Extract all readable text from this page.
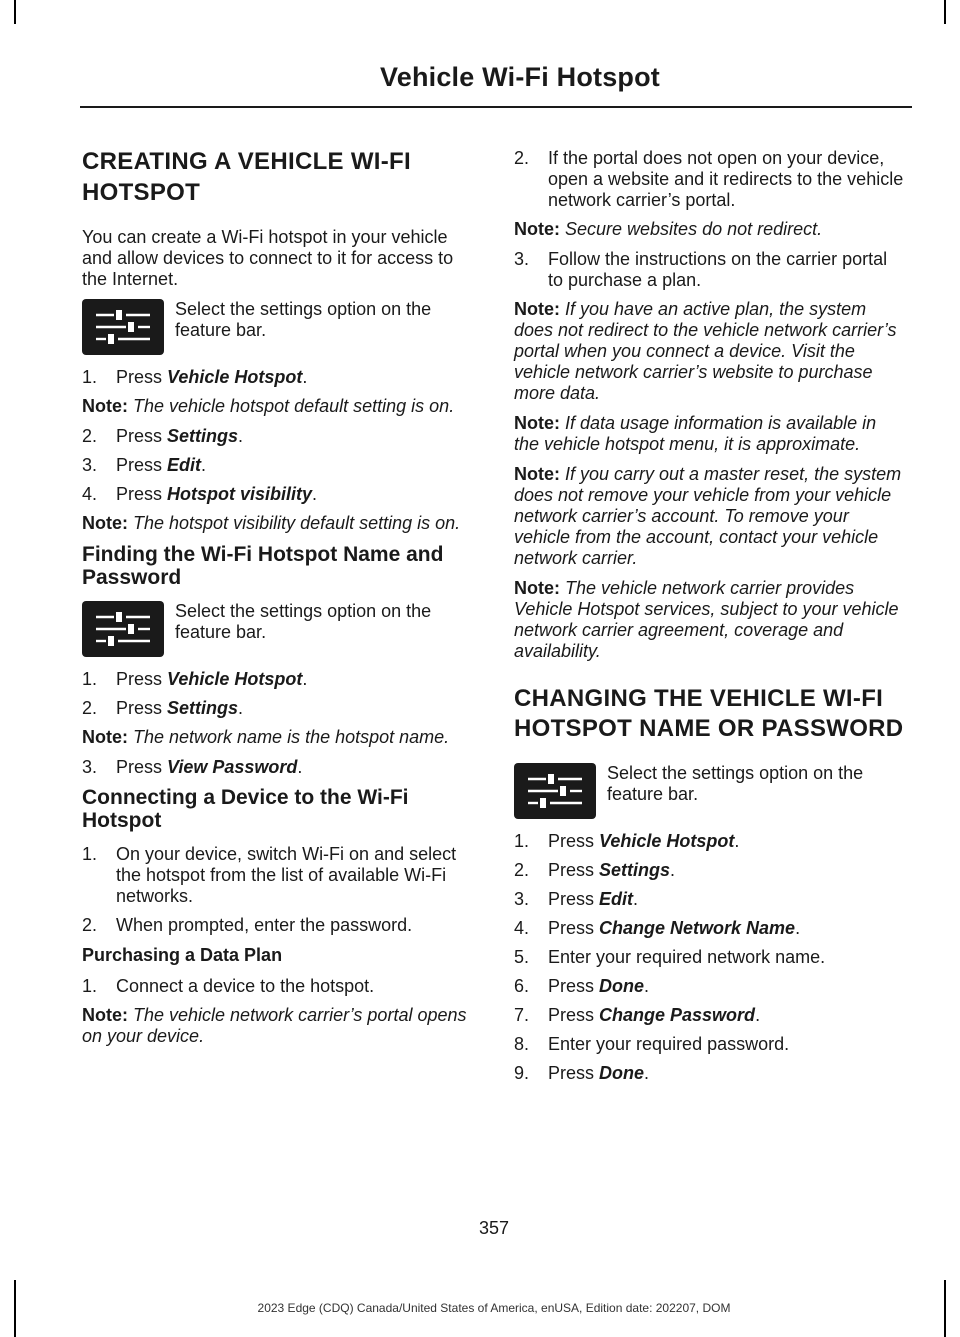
Vehicle Wi-Fi Hotspot
CREATING A VEHICLE WI-FI HOTSPOT

You can create a Wi-Fi hotspot in your vehicle and allow devices to connect to it for access to the Internet.

Select the settings option on the feature bar.

1.	Press Vehicle Hotspot.

Note: The vehicle hotspot default setting is on.

2.	Press Settings.
3.	Press Edit.
4.	Press Hotspot visibility.

Note: The hotspot visibility default setting is on.

Finding the Wi-Fi Hotspot Name and Password

Select the settings option on the feature bar.

1.	Press Vehicle Hotspot.
2.	Press Settings.

Note: The network name is the hotspot name.

3.	Press View Password.
Connecting a Device to the Wi-Fi Hotspot
1.	On your device, switch Wi-Fi on and select the hotspot from the list of available Wi-Fi networks.
2.	When prompted, enter the password.
Purchasing a Data Plan
1.	Connect a device to the hotspot.

Note: The vehicle network carrier’s portal opens on your device.

2.	If the portal does not open on your device, open a website and it redirects to the vehicle network carrier’s portal.

Note: Secure websites do not redirect.

3.	Follow the instructions on the carrier portal to purchase a plan.

Note: If you have an active plan, the system does not redirect to the vehicle network carrier’s portal when you connect a device. Visit the vehicle network carrier’s website to purchase more data.

Note: If data usage information is available in the vehicle hotspot menu, it is approximate.

Note: If you carry out a master reset, the system does not remove your vehicle from your vehicle network carrier’s account. To remove your vehicle from the account, contact your vehicle network carrier.

Note: The vehicle network carrier provides Vehicle Hotspot services, subject to your vehicle network carrier agreement, coverage and availability.

CHANGING THE VEHICLE WI-FI HOTSPOT NAME OR PASSWORD

Select the settings option on the feature bar.

1.	Press Vehicle Hotspot.
2.	Press Settings.
3.	Press Edit.
4.	Press Change Network Name.
5.	Enter your required network name.
6.	Press Done.
7.	Press Change Password.
8.	Enter your required password.
9.	Press Done.
357
2023 Edge (CDQ) Canada/United States of America, enUSA, Edition date: 202207, DOM
